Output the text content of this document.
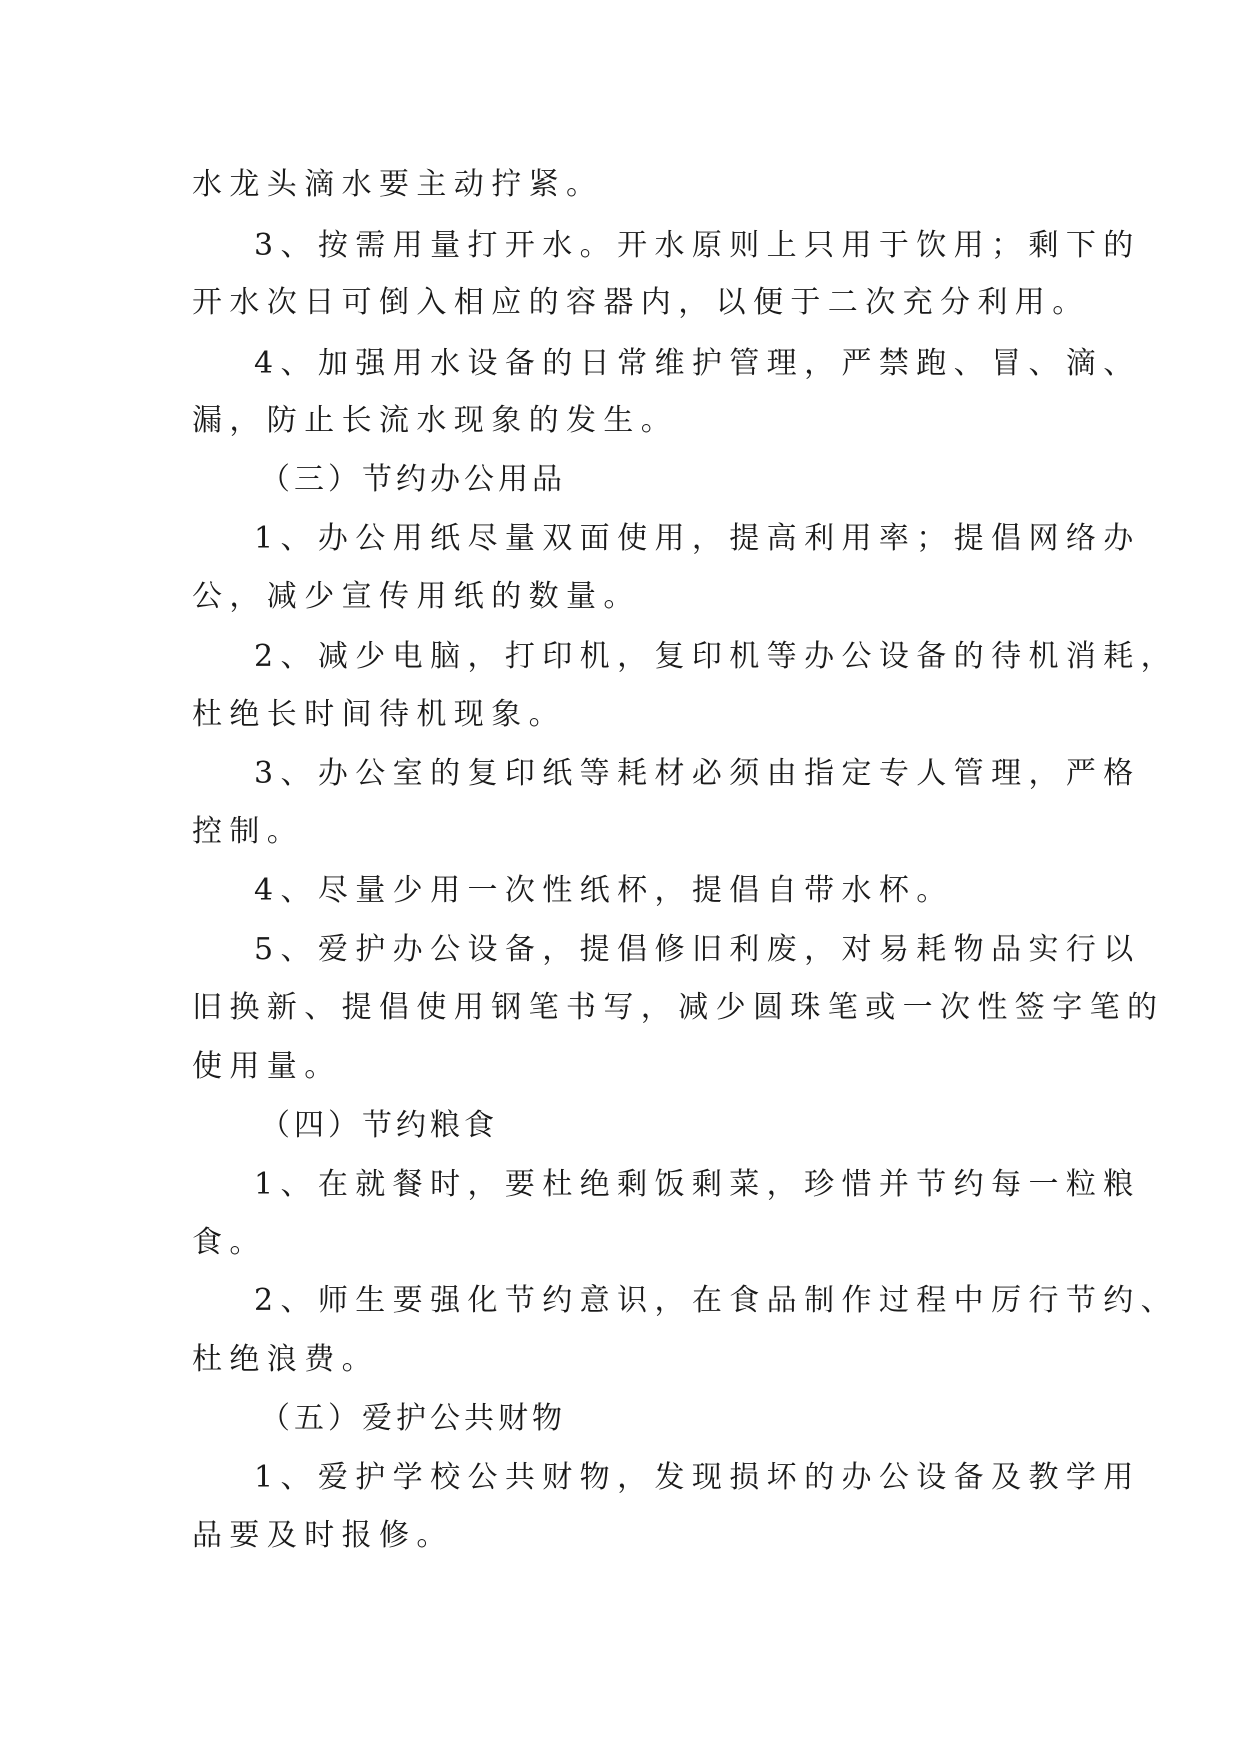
水龙头滴水要主动拧紧。
3、按需用量打开水。开水原则上只用于饮用；剩下的
开水次日可倒入相应的容器内，以便于二次充分利用。
4、加强用水设备的日常维护管理，严禁跑、冒、滴、
漏，防止长流水现象的发生。
（三）节约办公用品
1、办公用纸尽量双面使用，提高利用率；提倡网络办
公，减少宣传用纸的数量。
2、减少电脑，打印机，复印机等办公设备的待机消耗，
杜绝长时间待机现象。
3、办公室的复印纸等耗材必须由指定专人管理，严格
控制。
4、尽量少用一次性纸杯，提倡自带水杯。
5、爱护办公设备，提倡修旧利废，对易耗物品实行以
旧换新、提倡使用钢笔书写，减少圆珠笔或一次性签字笔的
使用量。
（四）节约粮食
1、在就餐时，要杜绝剩饭剩菜，珍惜并节约每一粒粮
食。
2、师生要强化节约意识，在食品制作过程中厉行节约、
杜绝浪费。
（五）爱护公共财物
1、爱护学校公共财物，发现损坏的办公设备及教学用
品要及时报修。
